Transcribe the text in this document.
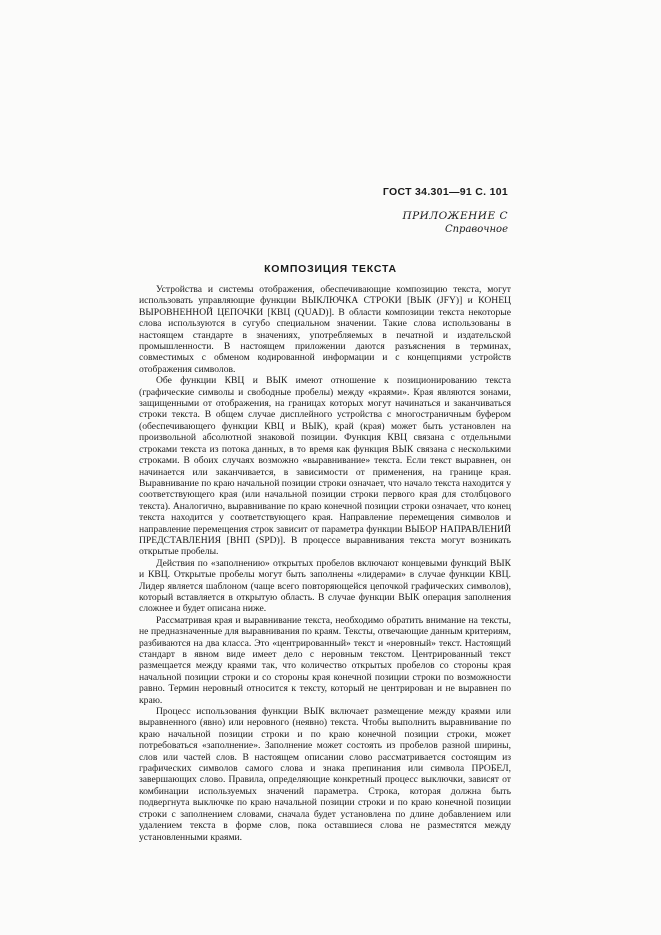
ГОСТ 34.301—91 С. 101
ПРИЛОЖЕНИЕ С
Справочное
КОМПОЗИЦИЯ ТЕКСТА

Устройства и системы отображения, обеспечивающие композицию текста, могут использовать управляющие функции ВЫКЛЮЧКА СТРОКИ [ВЫК (JFY)] и КОНЕЦ ВЫРОВНЕННОЙ ЦЕПОЧКИ [КВЦ (QUAD)]. В области композиции текста некоторые слова используются в сугубо специальном значении. Такие слова использованы в настоящем стандарте в значениях, употребляемых в печатной и издательской промышленности. В настоящем приложении даются разъяснения в терминах, совместимых с обменом кодированной информации и с концепциями устройств отображения символов.

Обе функции КВЦ и ВЫК имеют отношение к позиционированию текста (графические символы и свободные пробелы) между «краями». Края являются зонами, защищенными от отображения, на границах которых могут начинаться и заканчиваться строки текста. В общем случае дисплейного устройства с многостраничным буфером (обеспечивающего функции КВЦ и ВЫК), край (края) может быть установлен на произвольной абсолютной знаковой позиции. Функция КВЦ связана с отдельными строками текста из потока данных, в то время как функция ВЫК связана с несколькими строками. В обоих случаях возможно «выравнивание» текста. Если текст выравнен, он начинается или заканчивается, в зависимости от применения, на границе края. Выравнивание по краю начальной позиции строки означает, что начало текста находится у соответствующего края (или начальной позиции строки первого края для столбцового текста). Аналогично, выравнивание по краю конечной позиции строки означает, что конец текста находится у соответствующего края. Направление перемещения символов и направление перемещения строк зависит от параметра функции ВЫБОР НАПРАВЛЕНИЙ ПРЕДСТАВЛЕНИЯ [ВНП (SPD)]. В процессе выравнивания текста могут возникать открытые пробелы.

Действия по «заполнению» открытых пробелов включают концевыми функций ВЫК и КВЦ. Открытые пробелы могут быть заполнены «лидерами» в случае функции КВЦ. Лидер является шаблоном (чаще всего повторяющейся цепочкой графических символов), который вставляется в открытую область. В случае функции ВЫК операция заполнения сложнее и будет описана ниже.

Рассматривая края и выравнивание текста, необходимо обратить внимание на тексты, не предназначенные для выравнивания по краям. Тексты, отвечающие данным критериям, разбиваются на два класса. Это «центрированный» текст и «неровный» текст. Настоящий стандарт в явном виде имеет дело с неровным текстом. Центрированный текст размещается между краями так, что количество открытых пробелов со стороны края начальной позиции строки и со стороны края конечной позиции строки по возможности равно. Термин неровный относится к тексту, который не центрирован и не выравнен по краю.

Процесс использования функции ВЫК включает размещение между краями или выравненного (явно) или неровного (неявно) текста. Чтобы выполнить выравнивание по краю начальной позиции строки и по краю конечной позиции строки, может потребоваться «заполнение». Заполнение может состоять из пробелов разной ширины, слов или частей слов. В настоящем описании слово рассматривается состоящим из графических символов самого слова и знака препинания или символа ПРОБЕЛ, завершающих слово. Правила, определяющие конкретный процесс выключки, зависят от комбинации используемых значений параметра. Строка, которая должна быть подвергнута выключке по краю начальной позиции строки и по краю конечной позиции строки с заполнением словами, сначала будет установлена по длине добавлением или удалением текста в форме слов, пока оставшиеся слова не разместятся между установленными краями.
